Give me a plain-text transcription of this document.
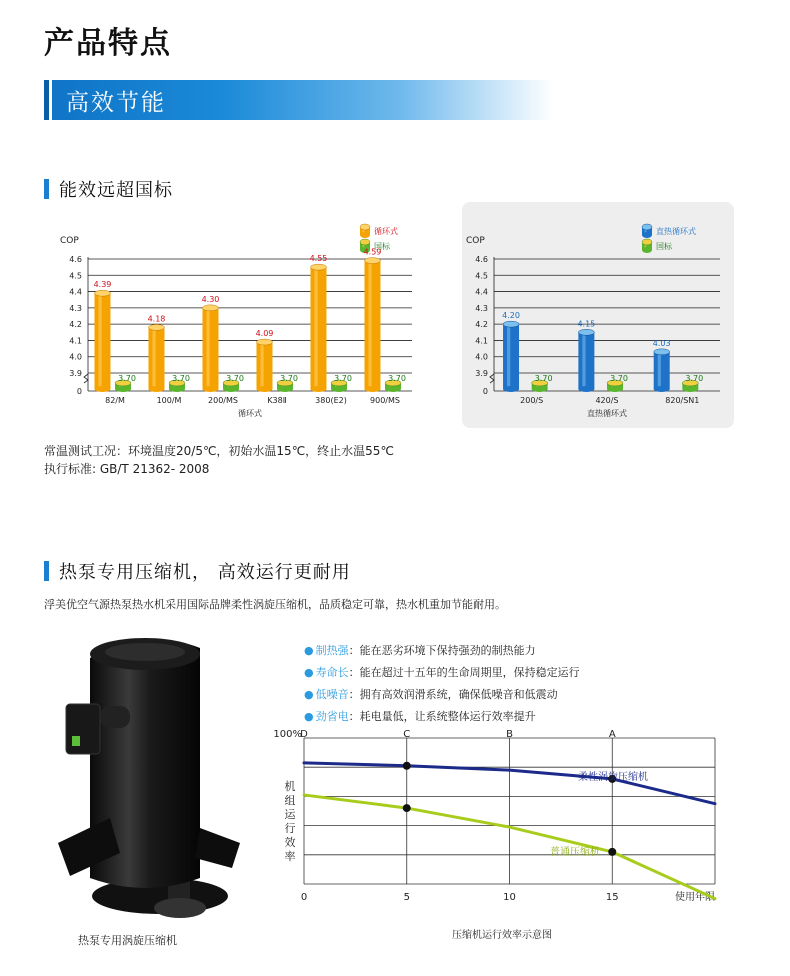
产品特点
高效节能
能效远超国标
COP
0
3.9
4.0
4.1
4.2
4.3
4.4
4.5
4.6
循环式
国标
4.39
3.70
82/M
4.18
3.70
100/M
4.30
3.70
200/MS
4.09
3.70
K38Ⅱ
4.55
3.70
380(E2)
4.59
3.70
900/MS
循环式
COP
0
3.9
4.0
4.1
4.2
4.3
4.4
4.5
4.6
直热循环式
国标
4.20
3.70
200/S
4.15
3.70
420/S
4.03
3.70
820/SN1
直热循环式
常温测试工况：环境温度20/5℃，初始水温15℃，终止水温55℃
执行标准: GB/T 21362- 2008
热泵专用压缩机， 高效运行更耐用
浮美优空气源热泵热水机采用国际品牌柔性涡旋压缩机，品质稳定可靠，热水机重加节能耐用。
热泵专用涡旋压缩机
● 制热强 ：能在恶劣环境下保持强劲的制热能力
● 寿命长 ：能在超过十五年的生命周期里，保持稳定运行
● 低噪音 ：拥有高效润滑系统，确保低噪音和低震动
● 劲省电 ：耗电量低，让系统整体运行效率提升
D	C	B	A
100%
机
组
运
行
效
率
0	5	10	15	使用年限
柔性涡旋压缩机
普通压缩机
压缩机运行效率示意图
